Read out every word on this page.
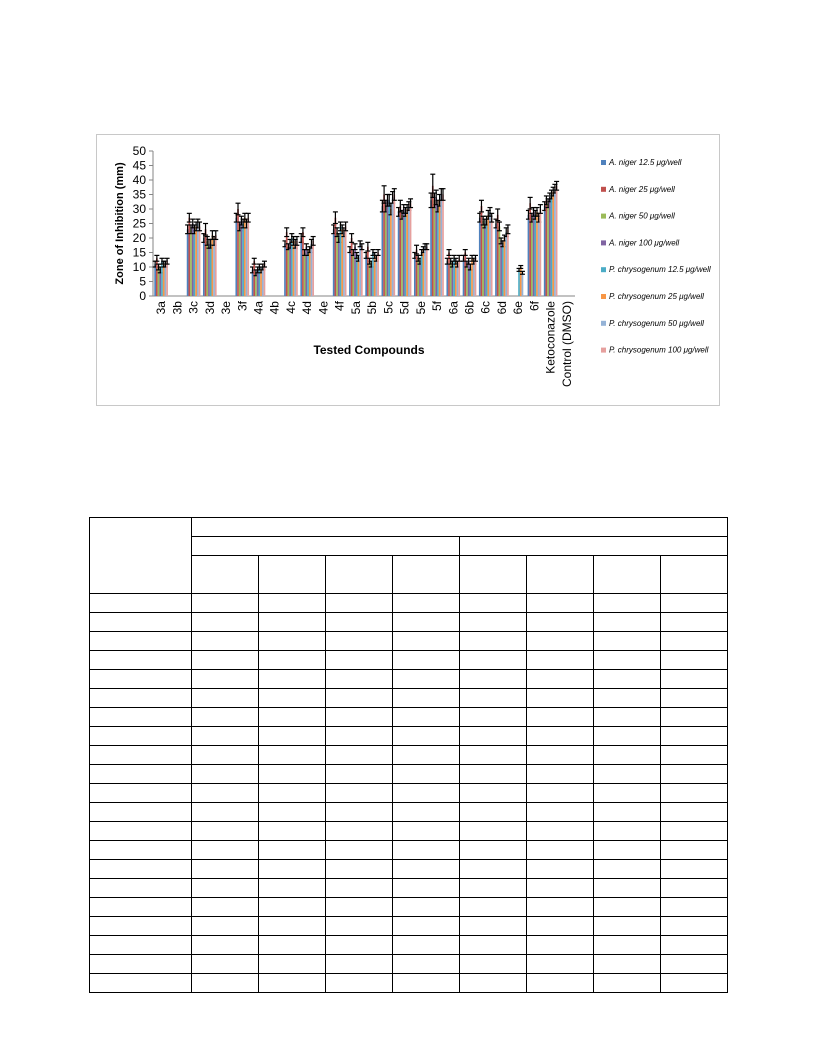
0
5
10
15
20
25
30
35
40
45
50
3a 3b 3c 3d 3e 3f 4a 4b 4c 4d 4e 4f 5a 5b 5c 5d 5e 5f 6a 6b 6c 6d 6e 6f Ketoconazole Control (DMSO)
Zone of Inhibition (mm)
Tested Compounds
A. niger 12.5 μg/well
A. niger 25 μg/well
A. niger 50 μg/well
A. niger 100 μg/well
P. chrysogenum 12.5 μg/well
P. chrysogenum 25 μg/well
P. chrysogenum 50 μg/well
P. chrysogenum 100 μg/well
